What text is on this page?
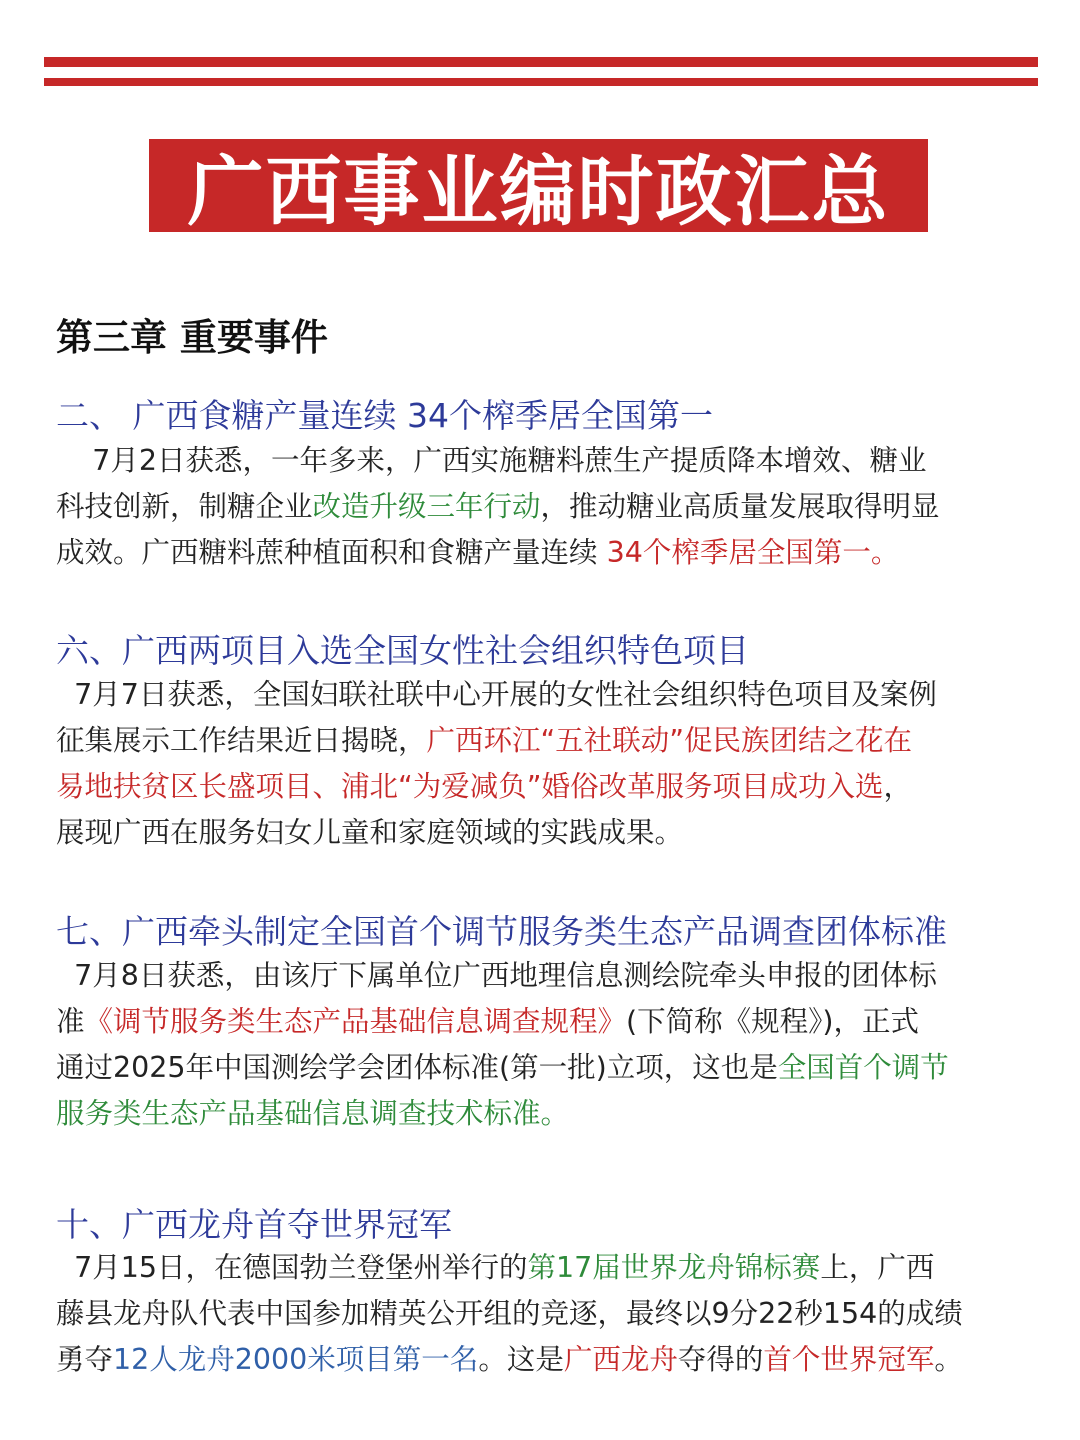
广西事业编时政汇总
第三章 重要事件
二、 广西食糖产量连续 34个榨季居全国第一
7月2日获悉，一年多来，广西实施糖料蔗生产提质降本增效、糖业
科技创新，制糖企业改造升级三年行动，推动糖业高质量发展取得明显
成效。广西糖料蔗种植面积和食糖产量连续 34个榨季居全国第一。
六、广西两项目入选全国女性社会组织特色项目
7月7日获悉，全国妇联社联中心开展的女性社会组织特色项目及案例
征集展示工作结果近日揭晓，广西环江“五社联动”促民族团结之花在
易地扶贫区长盛项目、浦北“为爱减负”婚俗改革服务项目成功入选，
展现广西在服务妇女儿童和家庭领域的实践成果。
七、广西牵头制定全国首个调节服务类生态产品调查团体标准
7月8日获悉，由该厅下属单位广西地理信息测绘院牵头申报的团体标
准《调节服务类生态产品基础信息调查规程》(下简称《规程》)，正式
通过2025年中国测绘学会团体标准(第一批)立项，这也是全国首个调节
服务类生态产品基础信息调查技术标准。
十、广西龙舟首夺世界冠军
7月15日，在德国勃兰登堡州举行的第17届世界龙舟锦标赛上，广西
藤县龙舟队代表中国参加精英公开组的竞逐，最终以9分22秒154的成绩
勇夺12人龙舟2000米项目第一名。这是广西龙舟夺得的首个世界冠军。
